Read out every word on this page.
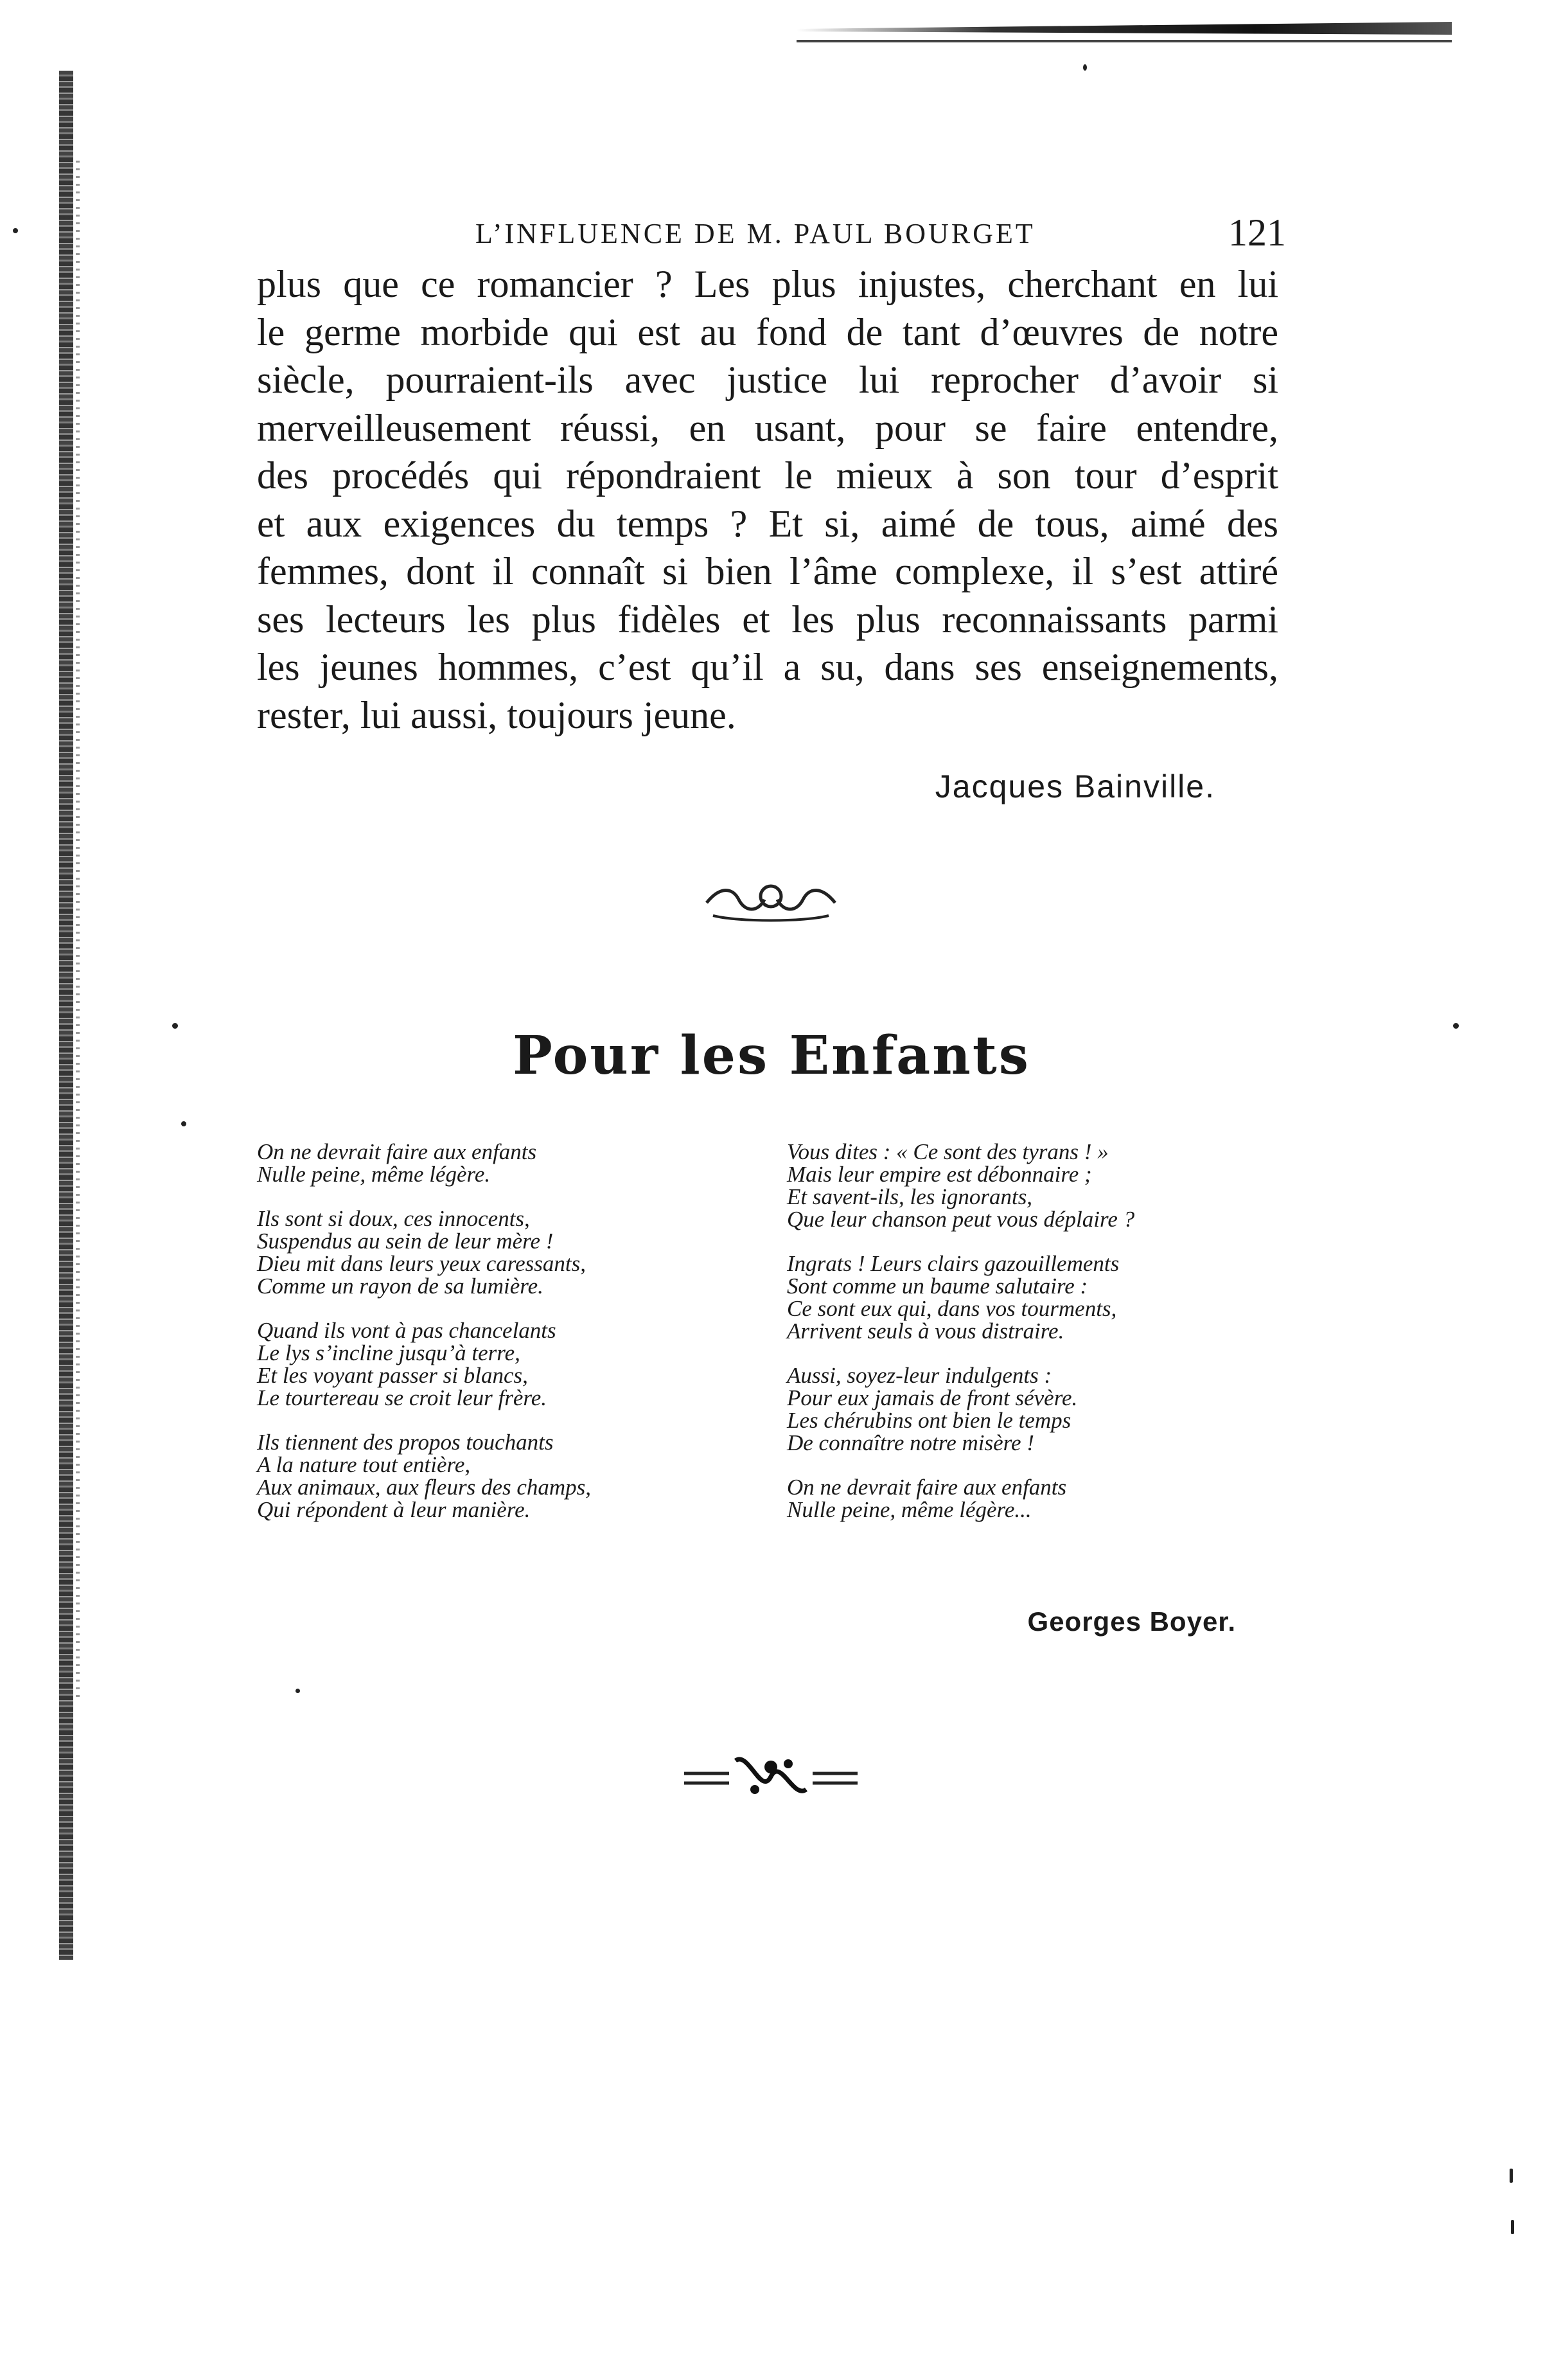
L’INFLUENCE DE M. PAUL BOURGET	121
plus que ce romancier ? Les plus injustes, cherchant en lui
le germe morbide qui est au fond de tant d’œuvres de notre
siècle, pourraient-ils avec justice lui reprocher d’avoir si
merveilleusement réussi, en usant, pour se faire entendre,
des procédés qui répondraient le mieux à son tour d’esprit
et aux exigences du temps ? Et si, aimé de tous, aimé des
femmes, dont il connaît si bien l’âme complexe, il s’est attiré
ses lecteurs les plus fidèles et les plus reconnaissants parmi
les jeunes hommes, c’est qu’il a su, dans ses enseignements,
rester, lui aussi, toujours jeune.
Jacques Bainville.
Pour les Enfants
On ne devrait faire aux enfants
Nulle peine, même légère.
Ils sont si doux, ces innocents,
Suspendus au sein de leur mère !
Dieu mit dans leurs yeux caressants,
Comme un rayon de sa lumière.
Quand ils vont à pas chancelants
Le lys s’incline jusqu’à terre,
Et les voyant passer si blancs,
Le tourtereau se croit leur frère.
Ils tiennent des propos touchants
A la nature tout entière,
Aux animaux, aux fleurs des champs,
Qui répondent à leur manière.
Vous dites : « Ce sont des tyrans ! »
Mais leur empire est débonnaire ;
Et savent-ils, les ignorants,
Que leur chanson peut vous déplaire ?
Ingrats ! Leurs clairs gazouillements
Sont comme un baume salutaire :
Ce sont eux qui, dans vos tourments,
Arrivent seuls à vous distraire.
Aussi, soyez-leur indulgents :
Pour eux jamais de front sévère.
Les chérubins ont bien le temps
De connaître notre misère !
On ne devrait faire aux enfants
Nulle peine, même légère...
Georges Boyer.
